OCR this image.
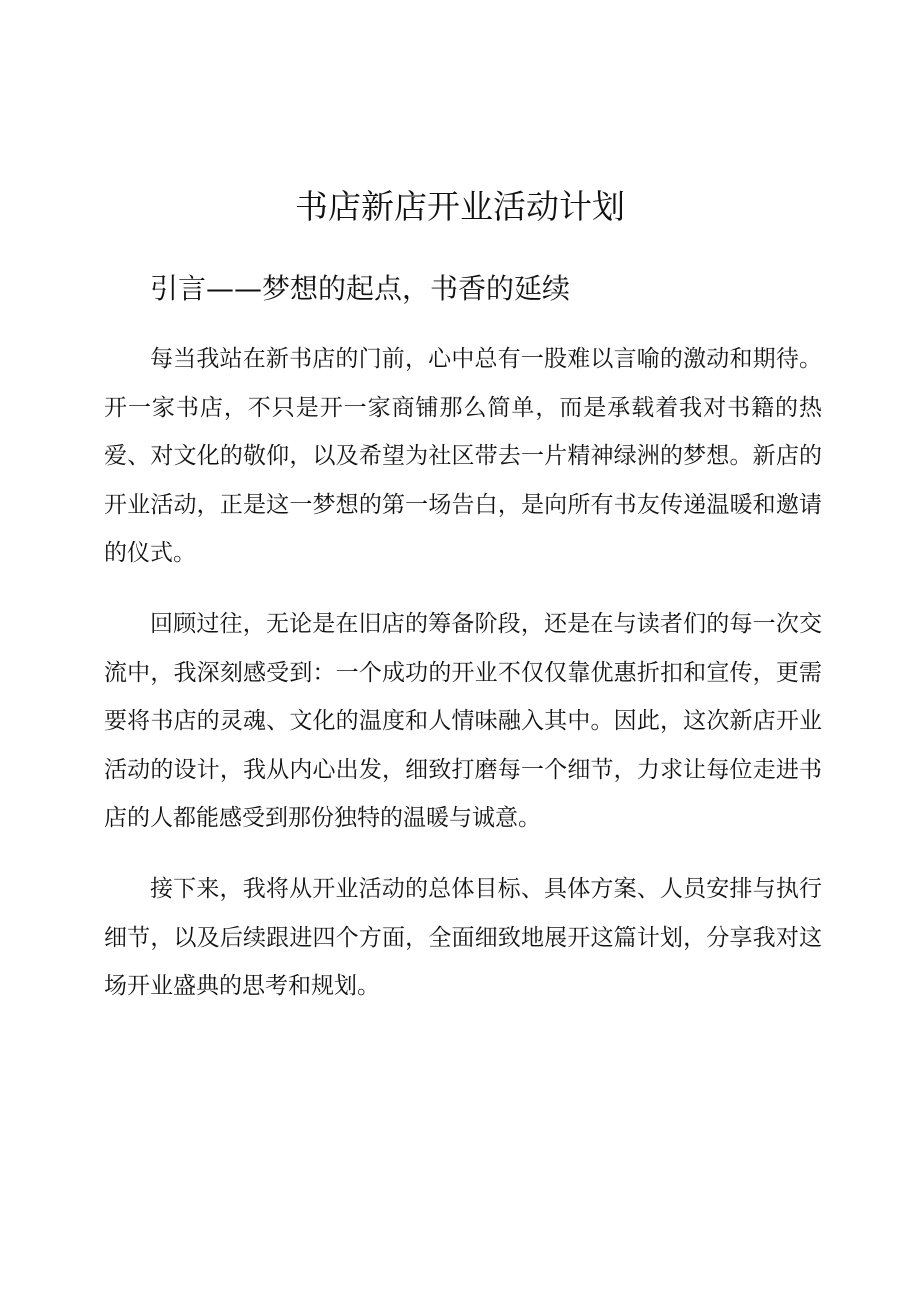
书店新店开业活动计划
引言——梦想的起点，书香的延续

每当我站在新书店的门前，心中总有一股难以言喻的激动和期待。开一家书店，不只是开一家商铺那么简单，而是承载着我对书籍的热爱、对文化的敬仰，以及希望为社区带去一片精神绿洲的梦想。新店的开业活动，正是这一梦想的第一场告白，是向所有书友传递温暖和邀请的仪式。

回顾过往，无论是在旧店的筹备阶段，还是在与读者们的每一次交流中，我深刻感受到：一个成功的开业不仅仅靠优惠折扣和宣传，更需要将书店的灵魂、文化的温度和人情味融入其中。因此，这次新店开业活动的设计，我从内心出发，细致打磨每一个细节，力求让每位走进书店的人都能感受到那份独特的温暖与诚意。

接下来，我将从开业活动的总体目标、具体方案、人员安排与执行细节，以及后续跟进四个方面，全面细致地展开这篇计划，分享我对这场开业盛典的思考和规划。
